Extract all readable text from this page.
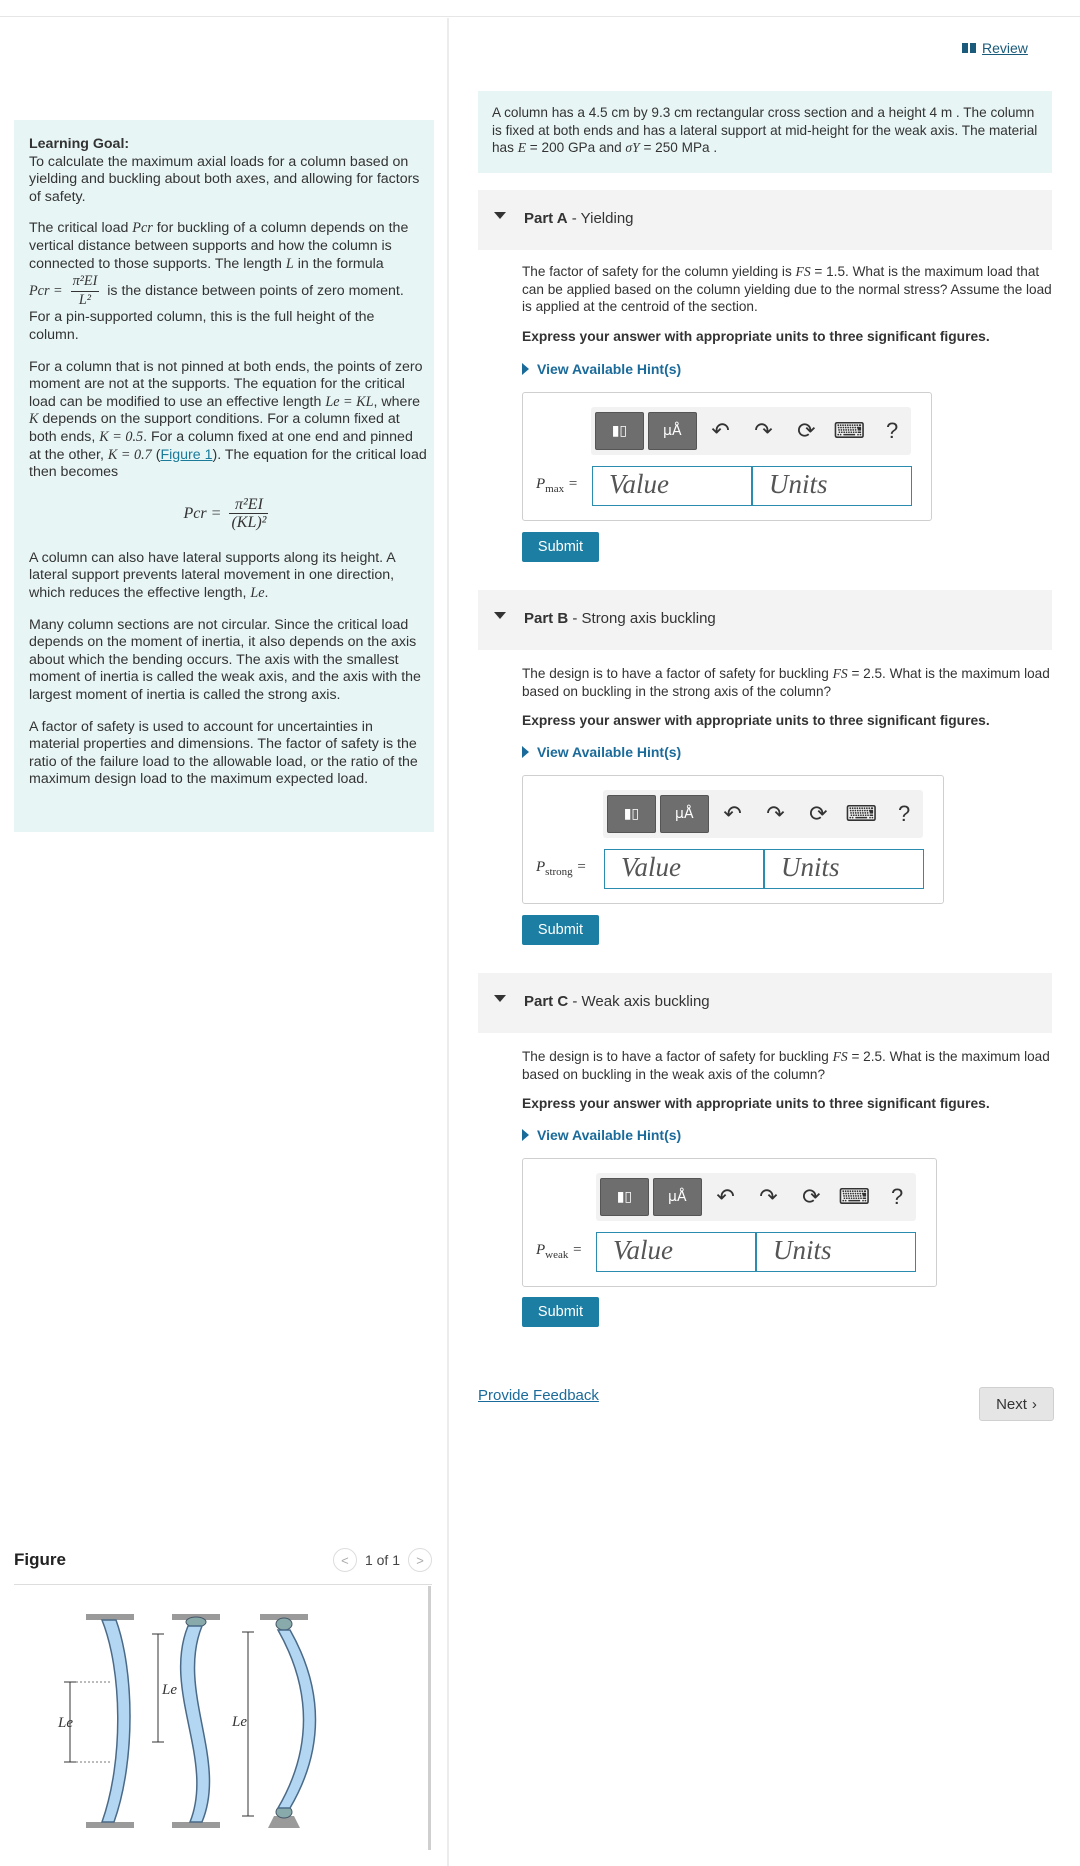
Learning Goal:

To calculate the maximum axial loads for a column based on yielding and buckling about both axes, and allowing for factors of safety.

The critical load Pcr for buckling of a column depends on the vertical distance between supports and how the column is connected to those supports. The length L in the formula
Pcr = $\frac{\text{π²EI}}{\text{L²}}$ is the distance between points of zero moment. For a pin-supported column, this is the full height of the column.

For a column that is not pinned at both ends, the points of zero moment are not at the supports. The equation for the critical load can be modified to use an effective length Le = KL, where K depends on the support conditions. For a column fixed at both ends, K = 0.5. For a column fixed at one end and pinned at the other, K = 0.7 (Figure 1). The equation for the critical load then becomes

Pcr = $\frac{\text{π²EI}}{\text{(KL)²}}$

A column can also have lateral supports along its height. A lateral support prevents lateral movement in one direction, which reduces the effective length, Le.

Many column sections are not circular. Since the critical load depends on the moment of inertia, it also depends on the axis about which the bending occurs. The axis with the smallest moment of inertia is called the weak axis, and the axis with the largest moment of inertia is called the strong axis.

A factor of safety is used to account for uncertainties in material properties and dimensions. The factor of safety is the ratio of the failure load to the allowable load, or the ratio of the maximum design load to the maximum expected load.

Figure	<	1 of 1	>
Le
Le
Le
Review
A column has a 4.5 cm by 9.3 cm rectangular cross section and a height 4 m . The column is fixed at both ends and has a lateral support at mid-height for the weak axis. The material has E = 200 GPa and σY = 250 MPa .
Part A - Yielding
The factor of safety for the column yielding is FS = 1.5. What is the maximum load that can be applied based on the column yielding due to the normal stress? Assume the load is applied at the centroid of the section.
Express your answer with appropriate units to three significant figures.
View Available Hint(s)
▮▯	μÅ	↶	↷	⟳ ⌨ ?
$P_{max}$ =	Value	Units
Submit
Part B - Strong axis buckling
The design is to have a factor of safety for buckling FS = 2.5. What is the maximum load based on buckling in the strong axis of the column?
Express your answer with appropriate units to three significant figures.
View Available Hint(s)
▮▯	μÅ	↶	↷	⟳ ⌨ ?
$P_{strong}$ =	Value	Units
Submit
Part C - Weak axis buckling
The design is to have a factor of safety for buckling FS = 2.5. What is the maximum load based on buckling in the weak axis of the column?
Express your answer with appropriate units to three significant figures.
View Available Hint(s)
▮▯	μÅ	↶	↷	⟳ ⌨ ?
$P_{weak}$ =	Value	Units
Submit
Provide Feedback	Next ›
